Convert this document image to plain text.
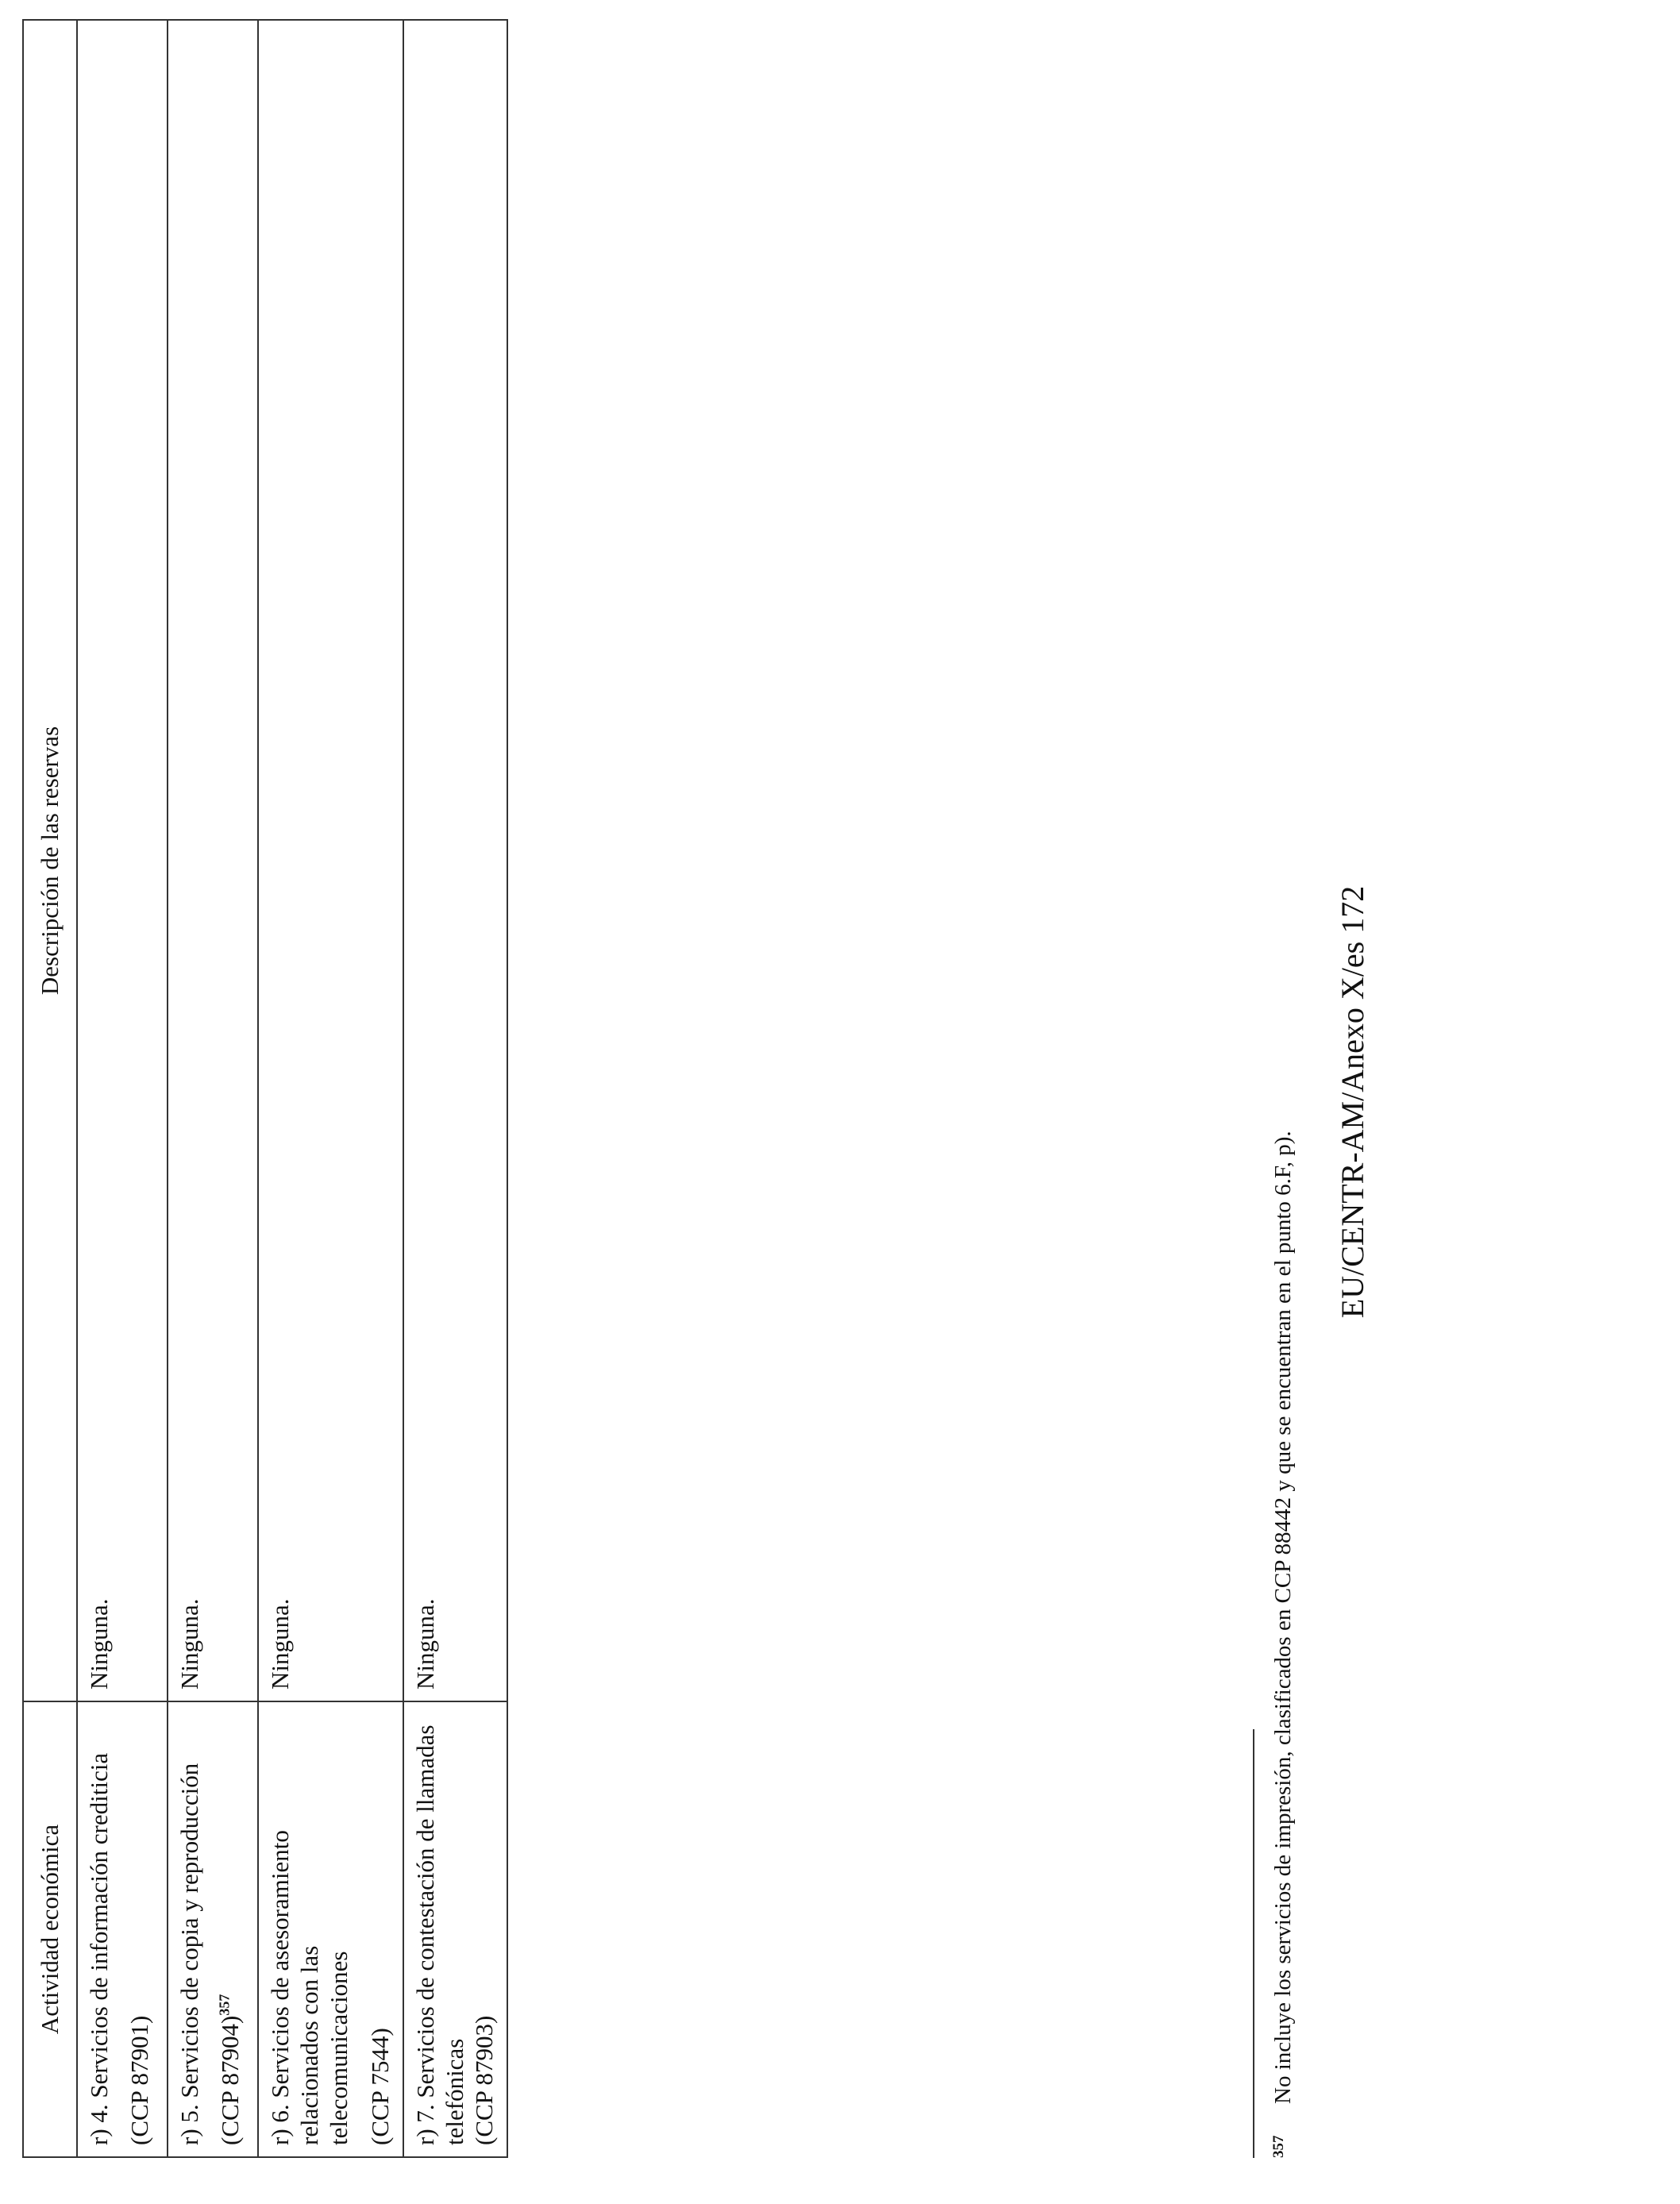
Actividad económica	Descripción de las reservas

r) 4. Servicios de información crediticia (CCP 87901)	Ninguna.

r) 5. Servicios de copia y reproducción (CCP 87904)$^{357}$	Ninguna.

r) 6. Servicios de asesoramiento relacionados con las telecomunicaciones (CCP 7544)	Ninguna.

r) 7. Servicios de contestación de llamadas telefónicas (CCP 87903)	Ninguna.
357No incluye los servicios de impresión, clasificados en CCP 88442 y que se encuentran en el punto 6.F, p).
EU/CENTR-AM/Anexo X/es 172
